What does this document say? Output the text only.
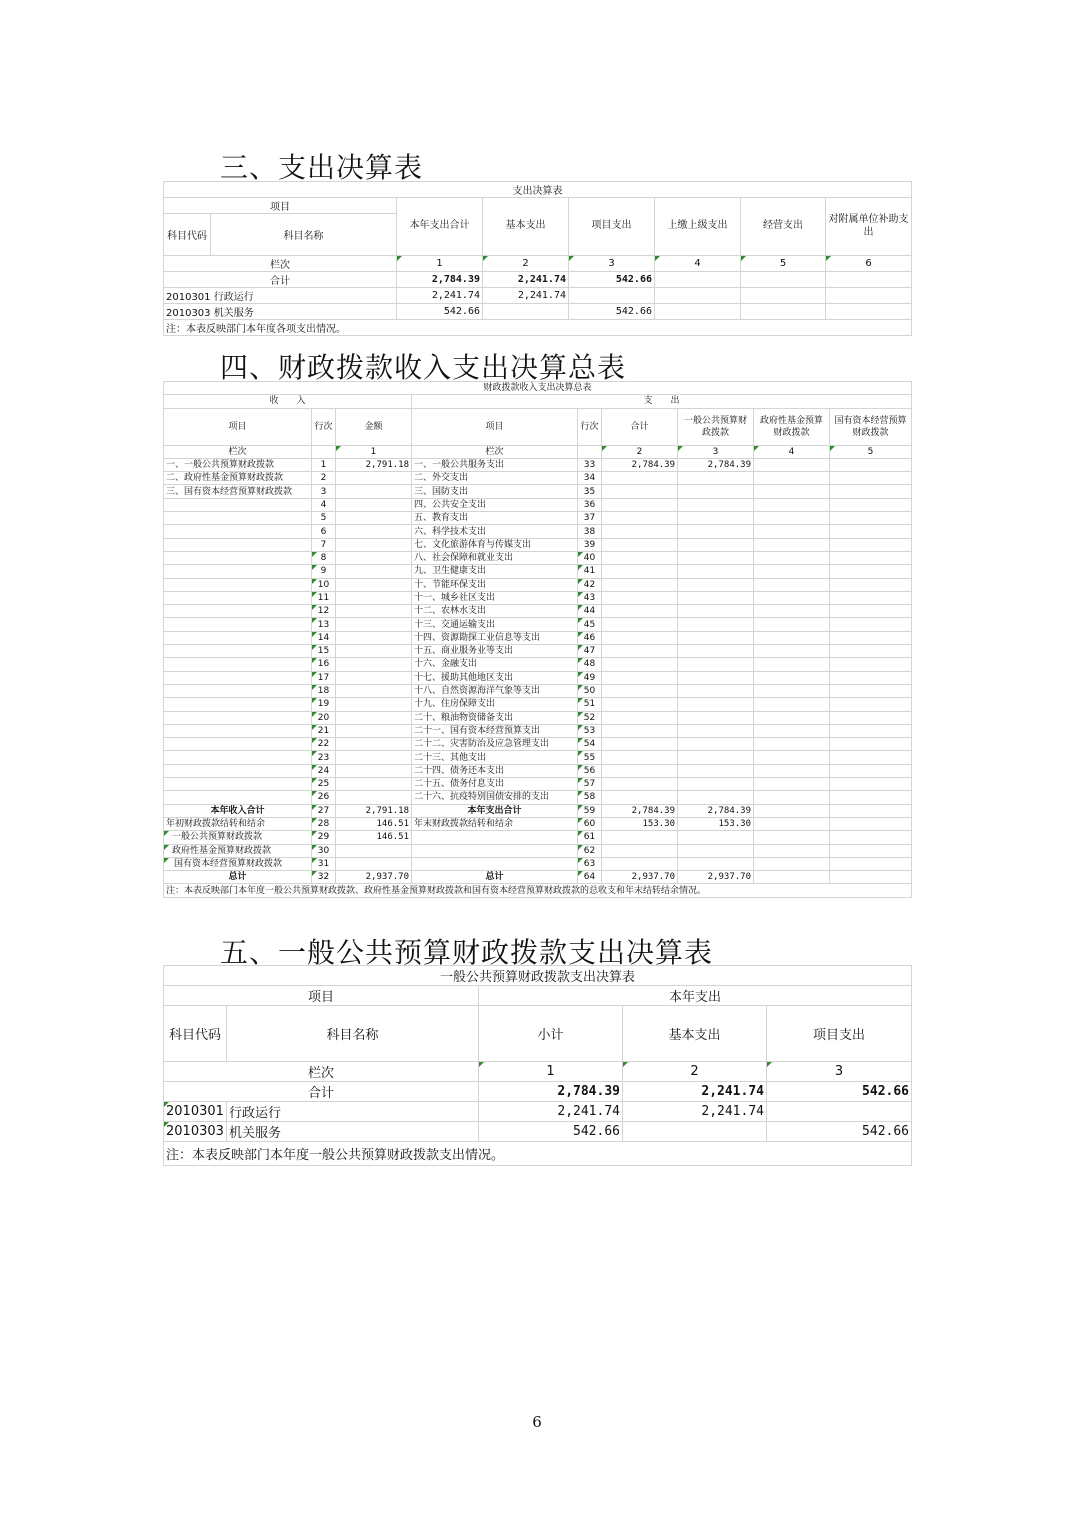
三、支出决算表
支出决算表							
项目		本年支出合计	基本支出	项目支出	上缴上级支出	经营支出	对附属单位补助支出
科目代码	科目名称						
栏次		1	2	3	4	5	6
合计		2,784.39	2,241.74	542.66			
2010301 行政运行		2,241.74	2,241.74				
2010303 机关服务		542.66		542.66			
注：本表反映部门本年度各项支出情况。							
四、财政拨款收入支出决算总表
财政拨款收入支出决算总表								
收　　入			支　　出					
项目	行次	金额	项目	行次	合计	一般公共预算财政拨款	政府性基金预算财政拨款	国有资本经营预算财政拨款
栏次		1	栏次		2	3	4	5
一、一般公共预算财政拨款	1	2,791.18	一、一般公共服务支出	33	2,784.39	2,784.39		
二、政府性基金预算财政拨款	2		二、外交支出	34				
三、国有资本经营预算财政拨款	3		三、国防支出	35				
	4		四、公共安全支出	36				
	5		五、教育支出	37				
	6		六、科学技术支出	38				
	7		七、文化旅游体育与传媒支出	39				
	8		八、社会保障和就业支出	40				
	9		九、卫生健康支出	41				
	10		十、节能环保支出	42				
	11		十一、城乡社区支出	43				
	12		十二、农林水支出	44				
	13		十三、交通运输支出	45				
	14		十四、资源勘探工业信息等支出	46				
	15		十五、商业服务业等支出	47				
	16		十六、金融支出	48				
	17		十七、援助其他地区支出	49				
	18		十八、自然资源海洋气象等支出	50				
	19		十九、住房保障支出	51				
	20		二十、粮油物资储备支出	52				
	21		二十一、国有资本经营预算支出	53				
	22		二十二、灾害防治及应急管理支出	54				
	23		二十三、其他支出	55				
	24		二十四、债务还本支出	56				
	25		二十五、债务付息支出	57				
	26		二十六、抗疫特别国债安排的支出	58				
本年收入合计	27	2,791.18	本年支出合计	59	2,784.39	2,784.39		
年初财政拨款结转和结余	28	146.51	年末财政拨款结转和结余	60	153.30	153.30		
一般公共预算财政拨款	29	146.51		61				
政府性基金预算财政拨款	30			62				
国有资本经营预算财政拨款	31			63				
总计	32	2,937.70	总计	64	2,937.70	2,937.70		
注：本表反映部门本年度一般公共预算财政拨款、政府性基金预算财政拨款和国有资本经营预算财政拨款的总收支和年末结转结余情况。								
五、一般公共预算财政拨款支出决算表
一般公共预算财政拨款支出决算表				
项目		本年支出		
科目代码	科目名称	小计	基本支出	项目支出
栏次		1	2	3
合计		2,784.39	2,241.74	542.66
2010301	行政运行	2,241.74	2,241.74	
2010303	机关服务	542.66		542.66
注：本表反映部门本年度一般公共预算财政拨款支出情况。				
6
